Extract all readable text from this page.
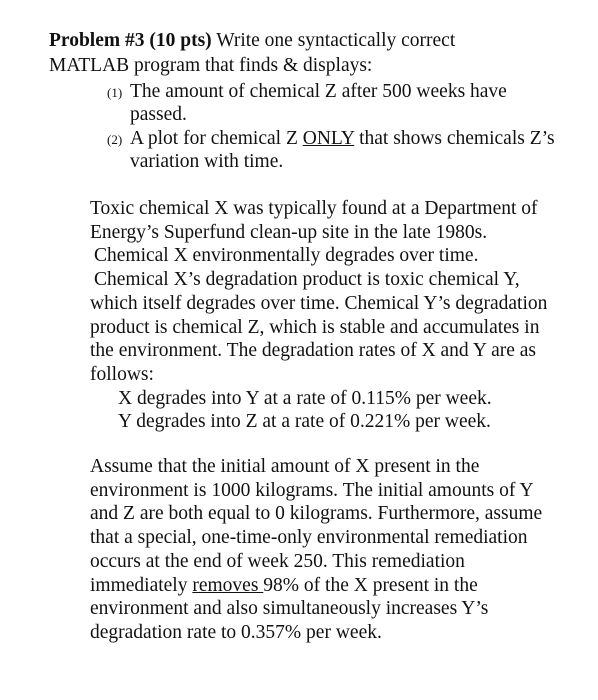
Problem #3 (10 pts) Write one syntactically correct
MATLAB program that finds & displays:
(1) The amount of chemical Z after 500 weeks have
passed.
(2) A plot for chemical Z ONLY that shows chemicals Z’s
variation with time.
Toxic chemical X was typically found at a Department of
Energy’s Superfund clean-up site in the late 1980s.
Chemical X environmentally degrades over time.
Chemical X’s degradation product is toxic chemical Y,
which itself degrades over time. Chemical Y’s degradation
product is chemical Z, which is stable and accumulates in
the environment. The degradation rates of X and Y are as
follows:
X degrades into Y at a rate of 0.115% per week.
Y degrades into Z at a rate of 0.221% per week.
Assume that the initial amount of X present in the
environment is 1000 kilograms. The initial amounts of Y
and Z are both equal to 0 kilograms. Furthermore, assume
that a special, one-time-only environmental remediation
occurs at the end of week 250. This remediation
immediately removes 98% of the X present in the
environment and also simultaneously increases Y’s
degradation rate to 0.357% per week.
